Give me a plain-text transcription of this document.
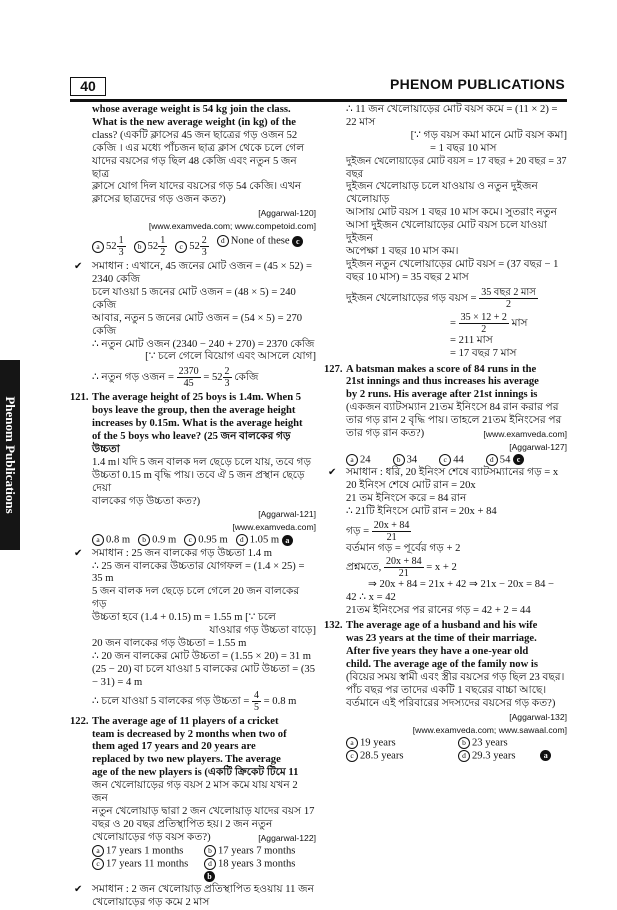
40	PHENOM PUBLICATIONS
Phenom Publications
whose average weight is 54 kg join the class.
What is the new average weight (in kg) of the
class? (একটি ক্লাসের 45 জন ছাত্রের গড় ওজন 52
কেজি । এর মধ্যে পাঁচজন ছাত্র ক্লাস থেকে চলে গেল
যাদের বয়সের গড় ছিল 48 কেজি এবং নতুন 5 জন ছাত্র
ক্লাসে যোগ দিল যাদের বয়সের গড় 54 কেজি। এখন
ক্লাসের ছাত্রদের গড় ওজন কত?)
[Aggarwal-120]
[www.examveda.com; www.competoid.com]
a $52 \frac{1}{3}$	b $52 \frac{1}{2}$	c $52 \frac{2}{3}$	d None of these c
✔ সমাধান : এখানে, 45 জনের মোট ওজন = (45 × 52) =
2340 কেজি
চলে যাওয়া 5 জনের মোট ওজন = (48 × 5) = 240 কেজি
আবার, নতুন 5 জনের মোট ওজন = (54 × 5) = 270 কেজি
∴ নতুন মোট ওজন (2340 − 240 + 270) = 2370 কেজি
[∵ চলে গেলে বিয়োগ এবং আসলে যোগ]
∴ নতুন গড় ওজন = $\frac{2370}{45} = 52 \frac{2}{3}$ কেজি
121. The average height of 25 boys is 1.4m. When 5
boys leave the group, then the average height
increases by 0.15m. What is the average height
of the 5 boys who leave? (25 জন বালকের গড় উচ্চতা
1.4 m। যদি 5 জন বালক দল ছেড়ে চলে যায়, তবে গড়
উচ্চতা 0.15 m বৃদ্ধি পায়। তবে ঐ 5 জন প্রস্থান ছেড়ে দেয়া
বালকের গড় উচ্চতা কত?)
[Aggarwal-121]
[www.examveda.com]
a 0.8 m	b 0.9 m	c 0.95 m	d 1.05 m a
✔ সমাধান : 25 জন বালকের গড় উচ্চতা 1.4 m
∴ 25 জন বালকের উচ্চতার যোগফল = (1.4 × 25) = 35 m
5 জন বালক দল ছেড়ে চলে গেলে 20 জন বালকের গড়
উচ্চতা হবে (1.4 + 0.15) m = 1.55 m [∵ চলে
যাওয়ার গড় উচ্চতা বাড়ে]
20 জন বালকের গড় উচ্চতা = 1.55 m
∴ 20 জন বালকের মোট উচ্চতা = (1.55 × 20) = 31 m
(25 − 20) বা চলে যাওয়া 5 বালকের মোট উচ্চতা = (35
− 31) = 4 m
∴ চলে যাওয়া 5 বালকের গড় উচ্চতা = $\frac{4}{5} = 0.8$ m
122. The average age of 11 players of a cricket
team is decreased by 2 months when two of
them aged 17 years and 20 years are
replaced by two new players. The average
age of the new players is (একটি ক্রিকেট টিমে 11
জন খেলোয়াড়ের গড় বয়স 2 মাস কমে যায় যখন 2 জন
নতুন খেলোয়াড় দ্বারা 2 জন খেলোয়াড় যাদের বয়স 17
বছর ও 20 বছর প্রতিস্থাপিত হয়। 2 জন নতুন
খেলোয়াড়ের গড় বয়স কত?)	[Aggarwal-122]
a 17 years 1 months	b 17 years 7 months
c 17 years 11 months	d 18 years 3 months b
✔ সমাধান : 2 জন খেলোয়াড় প্রতিস্থাপিত হওয়ায় 11 জন
খেলোয়াড়ের গড় কমে 2 মাস
∴ 11 জন খেলোয়াড়ের মোট বয়স কমে = (11 × 2) =
22 মাস
[∵ গড় বয়স কমা মানে মোট বয়স কমা]
= 1 বছর 10 মাস
দুইজন খেলোয়াড়ের মোট বয়স = 17 বছর + 20 বছর = 37 বছর
দুইজন খেলোয়াড় চলে যাওয়ায় ও নতুন দুইজন খেলোয়াড়
আসায় মোট বয়স 1 বছর 10 মাস কমে। সুতরাং নতুন
আসা দুইজন খেলোয়াড়ের মোট বয়স চলে যাওয়া দুইজন
অপেক্ষা 1 বছর 10 মাস কম।
দুইজন নতুন খেলোয়াড়ের মোট বয়স = (37 বছর − 1
বছর 10 মাস) = 35 বছর 2 মাস
দুইজন খেলোয়াড়ের গড় বয়স = $\frac{\text{35 বছর 2 মাস}}{2}$
= $\frac{35 \times 12 + 2}{2}$ মাস
= 211 মাস
= 17 বছর 7 মাস
127. A batsman makes a score of 84 runs in the
21st innings and thus increases his average
by 2 runs. His average after 21st innings is
(একজন ব্যাটসম্যান 21তম ইনিংসে 84 রান করার পর
তার গড় রান 2 বৃদ্ধি পায়। তাহলে 21তম ইনিংসের পর
তার গড় রান কত?)	[www.examveda.com]
[Aggarwal-127]
a 24	b 34	c 44	d 54 c
✔ সমাধান : ধরি, 20 ইনিংস শেষে ব্যাটসম্যানের গড় = x
20 ইনিংস শেষে মোট রান = 20x
21 তম ইনিংসে করে = 84 রান
∴ 21টি ইনিংসে মোট রান = 20x + 84
গড় = $\frac{20x + 84}{21}$
বর্তমান গড় = পূর্বের গড় + 2
প্রশ্নমতে, $\frac{20x + 84}{21} = x + 2$
⇒ 20x + 84 = 21x + 42 ⇒ 21x − 20x = 84 −
42 ∴ x = 42
21তম ইনিংসের পর রানের গড় = 42 + 2 = 44
132. The average age of a husband and his wife
was 23 years at the time of their marriage.
After five years they have a one-year old
child. The average age of the family now is
(বিয়ের সময় স্বামী এবং স্ত্রীর বয়সের গড় ছিল 23 বছর।
পাঁচ বছর পর তাদের একটি 1 বছরের বাচ্চা আছে।
বর্তমানে এই পরিবারের সদস্যদের বয়সের গড় কত?)
[Aggarwal-132]
[www.examveda.com; www.sawaal.com]
a 19 years	b 23 years
c 28.5 years	d 29.3 years	a
